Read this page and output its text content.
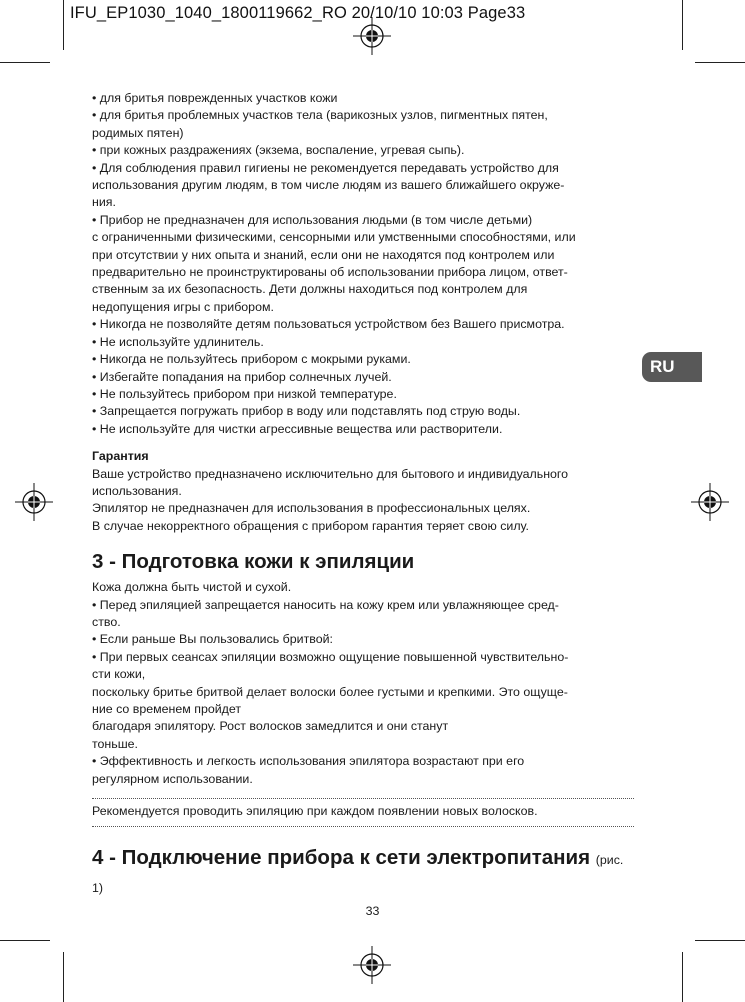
IFU_EP1030_1040_1800119662_RO 20/10/10 10:03 Page33
RU

• для бритья поврежденных участков кожи

• для бритья проблемных участков тела (варикозных узлов, пигментных пятен,

родимых пятен)

• при кожных раздражениях (экзема, воспаление, угревая сыпь).

• Для соблюдения правил гигиены не рекомендуется передавать устройство для

использования другим людям, в том числе людям из вашего ближайшего окруже-

ния.

• Прибор не предназначен для использования людьми (в том числе детьми)

с ограниченными физическими, сенсорными или умственными способностями, или

при отсутствии у них опыта и знаний, если они не находятся под контролем или

предварительно не проинструктированы об использовании прибора лицом, ответ-

ственным за их безопасность. Дети должны находиться под контролем для

недопущения игры с прибором.

• Никогда не позволяйте детям пользоваться устройством без Вашего присмотра.

• Не используйте удлинитель.

• Никогда не пользуйтесь прибором с мокрыми руками.

• Избегайте попадания на прибор солнечных лучей.

• Не пользуйтесь прибором при низкой температуре.

• Запрещается погружать прибор в воду или подставлять под струю воды.

• Не используйте для чистки агрессивные вещества или растворители.

Гарантия

Ваше устройство предназначено исключительно для бытового и индивидуального

использования.

Эпилятор не предназначен для использования в профессиональных целях.

В случае некорректного обращения с прибором гарантия теряет свою силу.

3 - Подготовка кожи к эпиляции

Кожа должна быть чистой и сухой.

• Перед эпиляцией запрещается наносить на кожу крем или увлажняющее сред-

ство.

• Если раньше Вы пользовались бритвой:

• При первых сеансах эпиляции возможно ощущение повышенной чувствительно-

сти кожи,

поскольку бритье бритвой делает волоски более густыми и крепкими. Это ощуще-

ние со временем пройдет

благодаря эпилятору. Рост волосков замедлится и они станут

тоньше.

• Эффективность и легкость использования эпилятора возрастают при его

регулярном использовании.

Рекомендуется проводить эпиляцию при каждом появлении новых волосков.

4 - Подключение прибора к сети электропитания (рис. 1)
33
